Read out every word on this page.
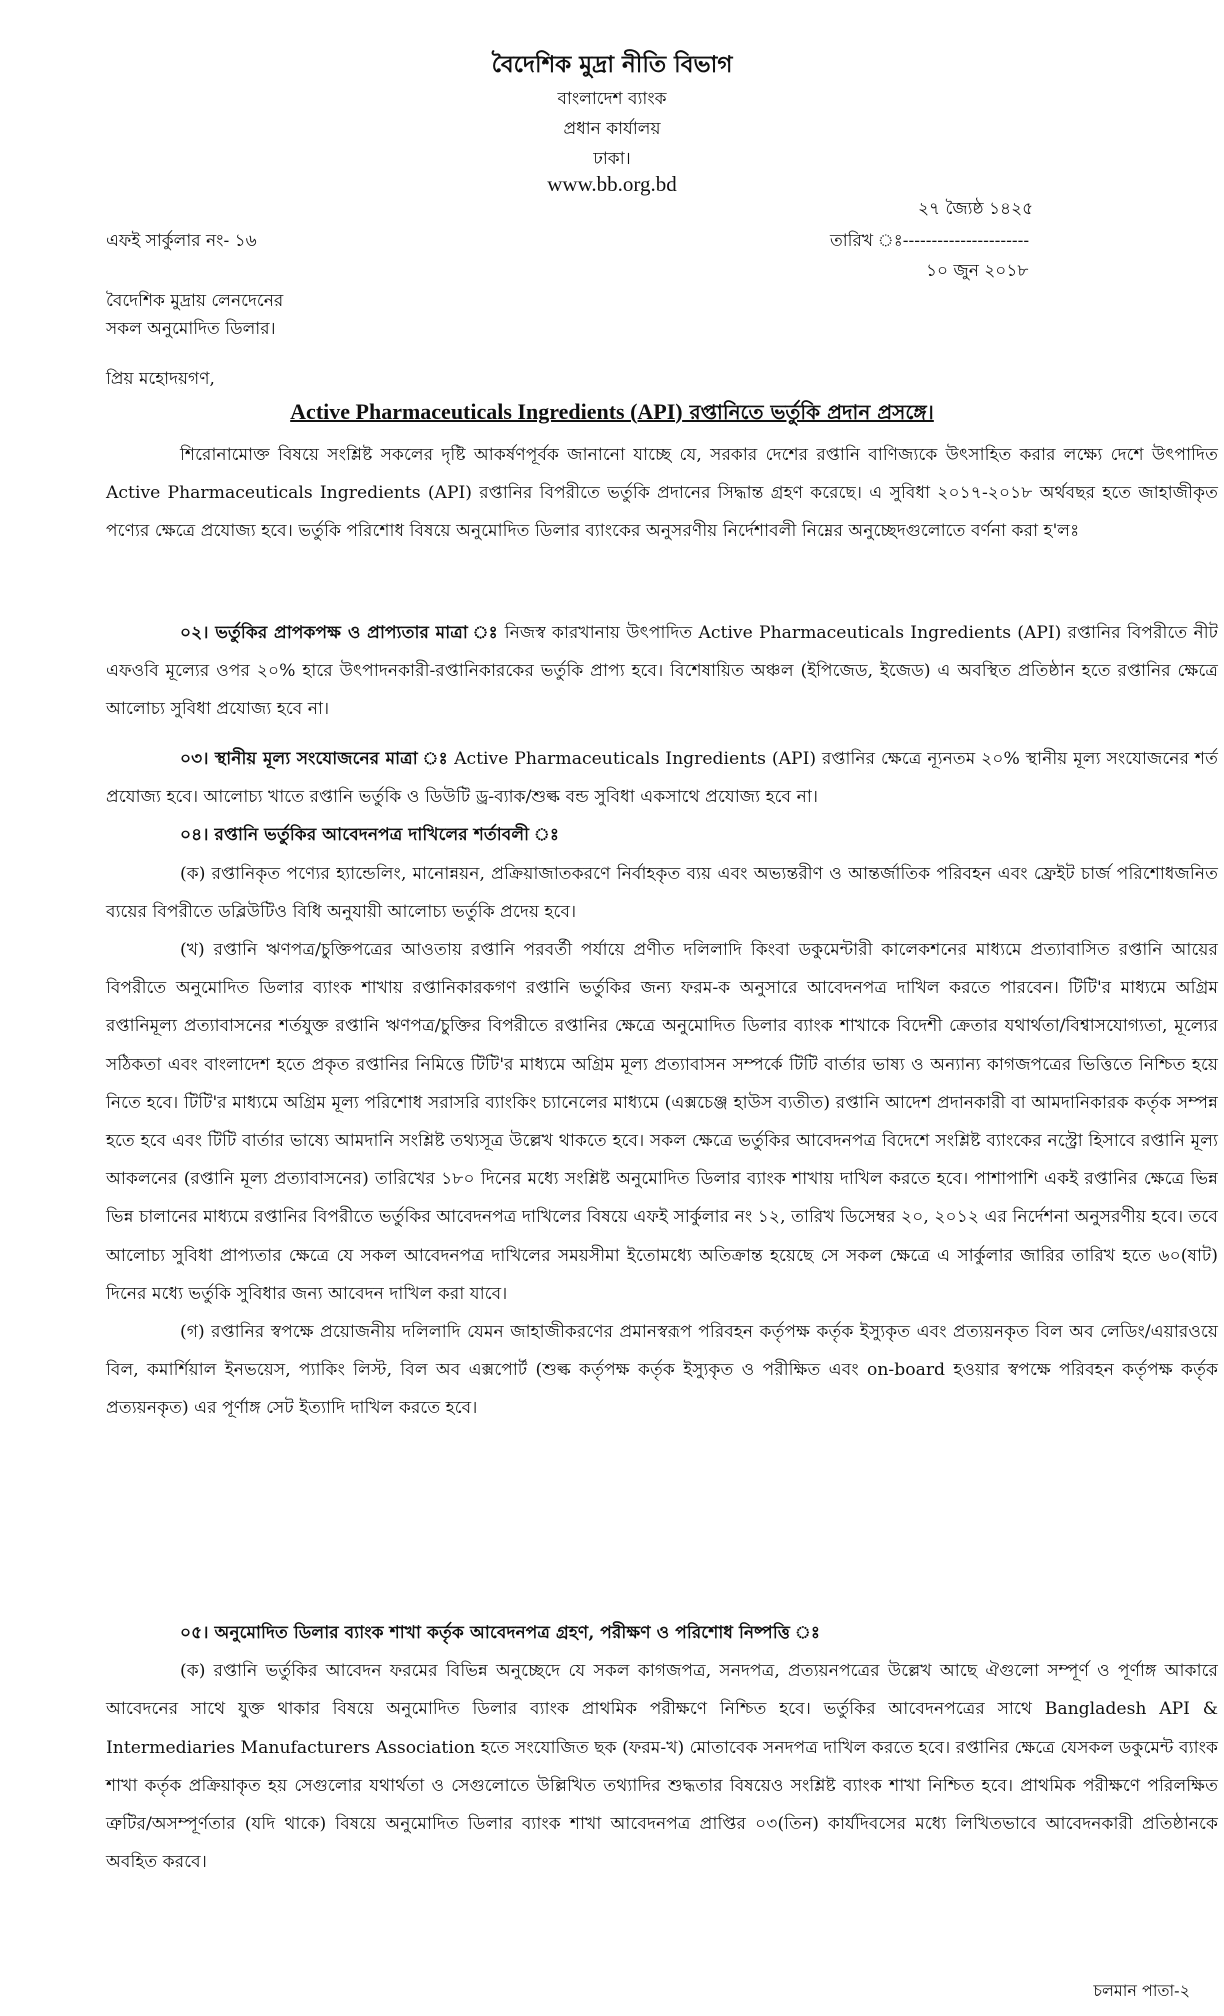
বৈদেশিক মুদ্রা নীতি বিভাগ
বাংলাদেশ ব্যাংক
প্রধান কার্যালয়
ঢাকা।
www.bb.org.bd
২৭ জ্যৈষ্ঠ ১৪২৫
এফই সার্কুলার নং- ১৬	তারিখ ঃ----------------------
১০ জুন ২০১৮
বৈদেশিক মুদ্রায় লেনদেনের
সকল অনুমোদিত ডিলার।
প্রিয় মহোদয়গণ,
Active Pharmaceuticals Ingredients (API) রপ্তানিতে ভর্তুকি প্রদান প্রসঙ্গে।

শিরোনামোক্ত বিষয়ে সংশ্লিষ্ট সকলের দৃষ্টি আকর্ষণপূর্বক জানানো যাচ্ছে যে, সরকার দেশের রপ্তানি বাণিজ্যকে উৎসাহিত করার লক্ষ্যে দেশে উৎপাদিত Active Pharmaceuticals Ingredients (API) রপ্তানির বিপরীতে ভর্তুকি প্রদানের সিদ্ধান্ত গ্রহণ করেছে। এ সুবিধা ২০১৭-২০১৮ অর্থবছর হতে জাহাজীকৃত পণ্যের ক্ষেত্রে প্রযোজ্য হবে। ভর্তুকি পরিশোধ বিষয়ে অনুমোদিত ডিলার ব্যাংকের অনুসরণীয় নির্দেশাবলী নিম্নের অনুচ্ছেদগুলোতে বর্ণনা করা হ'লঃ

০২। ভর্তুকির প্রাপকপক্ষ ও প্রাপ্যতার মাত্রা ঃ নিজস্ব কারখানায় উৎপাদিত Active Pharmaceuticals Ingredients (API) রপ্তানির বিপরীতে নীট এফওবি মূল্যের ওপর ২০% হারে উৎপাদনকারী-রপ্তানিকারকের ভর্তুকি প্রাপ্য হবে। বিশেষায়িত অঞ্চল (ইপিজেড, ইজেড) এ অবস্থিত প্রতিষ্ঠান হতে রপ্তানির ক্ষেত্রে আলোচ্য সুবিধা প্রযোজ্য হবে না।

০৩। স্থানীয় মূল্য সংযোজনের মাত্রা ঃ Active Pharmaceuticals Ingredients (API) রপ্তানির ক্ষেত্রে ন্যূনতম ২০% স্থানীয় মূল্য সংযোজনের শর্ত প্রযোজ্য হবে। আলোচ্য খাতে রপ্তানি ভর্তুকি ও ডিউটি ড্র-ব্যাক/শুল্ক বন্ড সুবিধা একসাথে প্রযোজ্য হবে না।

০৪। রপ্তানি ভর্তুকির আবেদনপত্র দাখিলের শর্তাবলী ঃ

(ক) রপ্তানিকৃত পণ্যের হ্যান্ডেলিং, মানোন্নয়ন, প্রক্রিয়াজাতকরণে নির্বাহকৃত ব্যয় এবং অভ্যন্তরীণ ও আন্তর্জাতিক পরিবহন এবং ফ্রেইট চার্জ পরিশোধজনিত ব্যয়ের বিপরীতে ডব্লিউটিও বিধি অনুযায়ী আলোচ্য ভর্তুকি প্রদেয় হবে।

(খ) রপ্তানি ঋণপত্র/চুক্তিপত্রের আওতায় রপ্তানি পরবর্তী পর্যায়ে প্রণীত দলিলাদি কিংবা ডকুমেন্টারী কালেকশনের মাধ্যমে প্রত্যাবাসিত রপ্তানি আয়ের বিপরীতে অনুমোদিত ডিলার ব্যাংক শাখায় রপ্তানিকারকগণ রপ্তানি ভর্তুকির জন্য ফরম-ক অনুসারে আবেদনপত্র দাখিল করতে পারবেন। টিটি'র মাধ্যমে অগ্রিম রপ্তানিমূল্য প্রত্যাবাসনের শর্তযুক্ত রপ্তানি ঋণপত্র/চুক্তির বিপরীতে রপ্তানির ক্ষেত্রে অনুমোদিত ডিলার ব্যাংক শাখাকে বিদেশী ক্রেতার যথার্থতা/বিশ্বাসযোগ্যতা, মূল্যের সঠিকতা এবং বাংলাদেশ হতে প্রকৃত রপ্তানির নিমিত্তে টিটি'র মাধ্যমে অগ্রিম মূল্য প্রত্যাবাসন সম্পর্কে টিটি বার্তার ভাষ্য ও অন্যান্য কাগজপত্রের ভিত্তিতে নিশ্চিত হয়ে নিতে হবে। টিটি'র মাধ্যমে অগ্রিম মূল্য পরিশোধ সরাসরি ব্যাংকিং চ্যানেলের মাধ্যমে (এক্সচেঞ্জ হাউস ব্যতীত) রপ্তানি আদেশ প্রদানকারী বা আমদানিকারক কর্তৃক সম্পন্ন হতে হবে এবং টিটি বার্তার ভাষ্যে আমদানি সংশ্লিষ্ট তথ্যসূত্র উল্লেখ থাকতে হবে। সকল ক্ষেত্রে ভর্তুকির আবেদনপত্র বিদেশে সংশ্লিষ্ট ব্যাংকের নস্ট্রো হিসাবে রপ্তানি মূল্য আকলনের (রপ্তানি মূল্য প্রত্যাবাসনের) তারিখের ১৮০ দিনের মধ্যে সংশ্লিষ্ট অনুমোদিত ডিলার ব্যাংক শাখায় দাখিল করতে হবে। পাশাপাশি একই রপ্তানির ক্ষেত্রে ভিন্ন ভিন্ন চালানের মাধ্যমে রপ্তানির বিপরীতে ভর্তুকির আবেদনপত্র দাখিলের বিষয়ে এফই সার্কুলার নং ১২, তারিখ ডিসেম্বর ২০, ২০১২ এর নির্দেশনা অনুসরণীয় হবে। তবে আলোচ্য সুবিধা প্রাপ্যতার ক্ষেত্রে যে সকল আবেদনপত্র দাখিলের সময়সীমা ইতোমধ্যে অতিক্রান্ত হয়েছে সে সকল ক্ষেত্রে এ সার্কুলার জারির তারিখ হতে ৬০(ষাট) দিনের মধ্যে ভর্তুকি সুবিধার জন্য আবেদন দাখিল করা যাবে।

(গ) রপ্তানির স্বপক্ষে প্রয়োজনীয় দলিলাদি যেমন জাহাজীকরণের প্রমানস্বরূপ পরিবহন কর্তৃপক্ষ কর্তৃক ইস্যুকৃত এবং প্রত্যয়নকৃত বিল অব লেডিং/এয়ারওয়ে বিল, কমার্শিয়াল ইনভয়েস, প্যাকিং লিস্ট, বিল অব এক্সপোর্ট (শুল্ক কর্তৃপক্ষ কর্তৃক ইস্যুকৃত ও পরীক্ষিত এবং on-board হওয়ার স্বপক্ষে পরিবহন কর্তৃপক্ষ কর্তৃক প্রত্যয়নকৃত) এর পূর্ণাঙ্গ সেট ইত্যাদি দাখিল করতে হবে।

০৫। অনুমোদিত ডিলার ব্যাংক শাখা কর্তৃক আবেদনপত্র গ্রহণ, পরীক্ষণ ও পরিশোধ নিষ্পত্তি ঃ

(ক) রপ্তানি ভর্তুকির আবেদন ফরমের বিভিন্ন অনুচ্ছেদে যে সকল কাগজপত্র, সনদপত্র, প্রত্যয়নপত্রের উল্লেখ আছে ঐগুলো সম্পূর্ণ ও পূর্ণাঙ্গ আকারে আবেদনের সাথে যুক্ত থাকার বিষয়ে অনুমোদিত ডিলার ব্যাংক প্রাথমিক পরীক্ষণে নিশ্চিত হবে। ভর্তুকির আবেদনপত্রের সাথে Bangladesh API & Intermediaries Manufacturers Association হতে সংযোজিত ছক (ফরম-খ) মোতাবেক সনদপত্র দাখিল করতে হবে। রপ্তানির ক্ষেত্রে যেসকল ডকুমেন্ট ব্যাংক শাখা কর্তৃক প্রক্রিয়াকৃত হয় সেগুলোর যথার্থতা ও সেগুলোতে উল্লিখিত তথ্যাদির শুদ্ধতার বিষয়েও সংশ্লিষ্ট ব্যাংক শাখা নিশ্চিত হবে। প্রাথমিক পরীক্ষণে পরিলক্ষিত ত্রুটির/অসম্পূর্ণতার (যদি থাকে) বিষয়ে অনুমোদিত ডিলার ব্যাংক শাখা আবেদনপত্র প্রাপ্তির ০৩(তিন) কার্যদিবসের মধ্যে লিখিতভাবে আবেদনকারী প্রতিষ্ঠানকে অবহিত করবে।

চলমান পাতা-২
